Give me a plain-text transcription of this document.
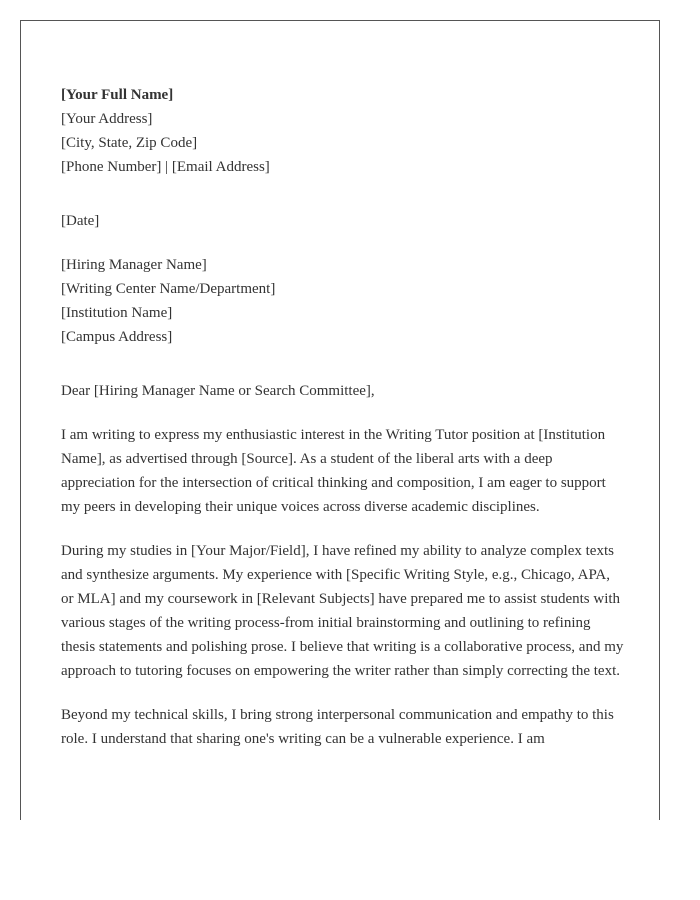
[Your Full Name]

[Your Address]

[City, State, Zip Code]

[Phone Number] | [Email Address]

[Date]

[Hiring Manager Name]

[Writing Center Name/Department]

[Institution Name]

[Campus Address]

Dear [Hiring Manager Name or Search Committee],

I am writing to express my enthusiastic interest in the Writing Tutor position at [Institution Name], as advertised through [Source]. As a student of the liberal arts with a deep appreciation for the intersection of critical thinking and composition, I am eager to support my peers in developing their unique voices across diverse academic disciplines.

During my studies in [Your Major/Field], I have refined my ability to analyze complex texts and synthesize arguments. My experience with [Specific Writing Style, e.g., Chicago, APA, or MLA] and my coursework in [Relevant Subjects] have prepared me to assist students with various stages of the writing process-from initial brainstorming and outlining to refining thesis statements and polishing prose. I believe that writing is a collaborative process, and my approach to tutoring focuses on empowering the writer rather than simply correcting the text.

Beyond my technical skills, I bring strong interpersonal communication and empathy to this role. I understand that sharing one's writing can be a vulnerable experience. I am
